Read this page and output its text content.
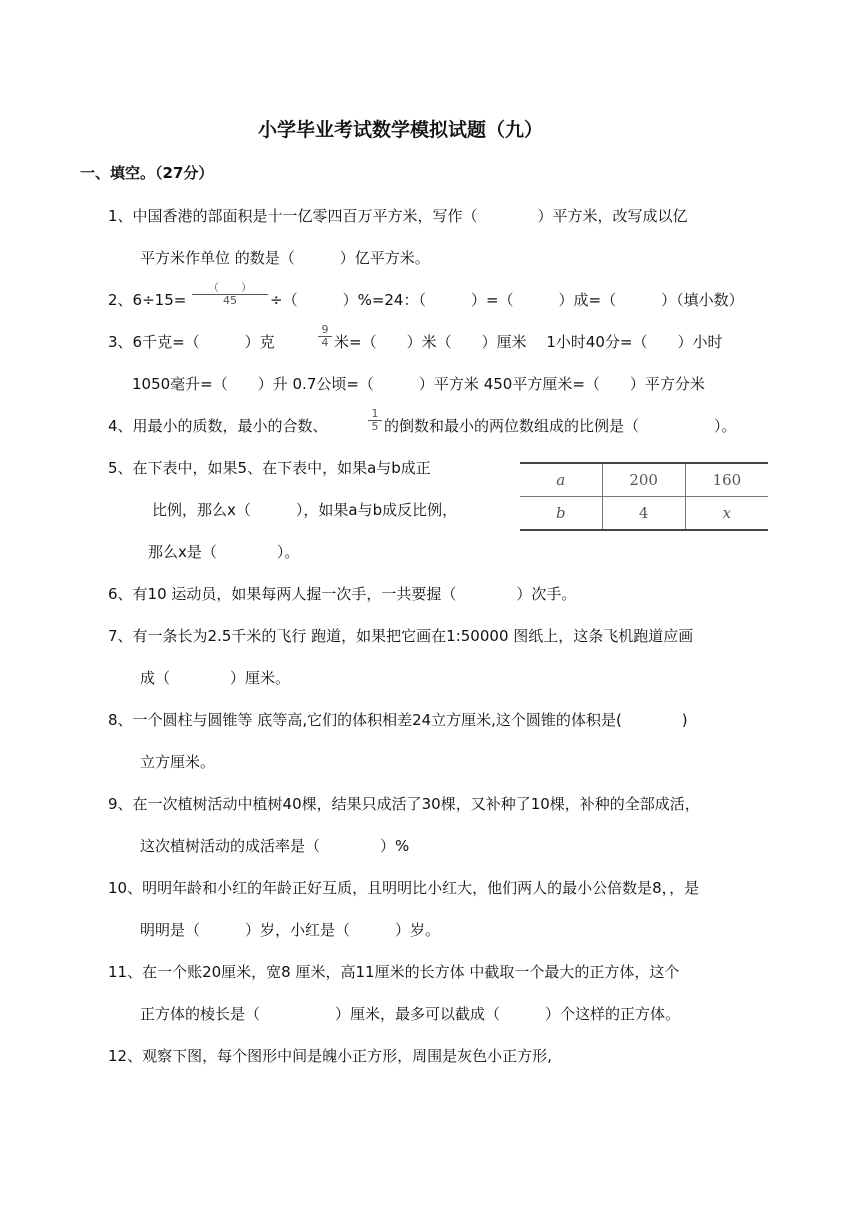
小学毕业考试数学模拟试题（九）
一、填空。（27分）
1、中国香港的部面积是十一亿零四百万平方米，写作（　　　　）平方米，改写成以亿
平方米作单位 的数是（　　　）亿平方米。
2、6÷15=
（　　）
45 ÷（　　　）%=24：（　　　）=（　　　）成=（　　　）（填小数）
3、6千克=（　　　）克
9
4 米=（　　）米（　　）厘米　 1小时40分=（　　）小时
1050毫升=（　　）升 0.7公顷=（　　　）平方米 450平方厘米=（　　）平方分米
4、用最小的质数，最小的合数、
1
5 的倒数和最小的两位数组成的比例是（　　　　　）。
5、在下表中，如果5、在下表中，如果a与b成正
比例，那么x（　　　），如果a与b成反比例，
那么x是（　　　　）。
a	200	160
b	4	x
6、有10 运动员，如果每两人握一次手，一共要握（　　　　）次手。
7、有一条长为2.5千米的飞行 跑道，如果把它画在1:50000 图纸上，这条飞机跑道应画
成（　　　　）厘米。
8、一个圆柱与圆锥等 底等高,它们的体积相差24立方厘米,这个圆锥的体积是(　　　　)
立方厘米。
9、在一次植树活动中植树40棵，结果只成活了30棵，又补种了10棵，补种的全部成活，
这次植树活动的成活率是（　　　　）%
10、明明年龄和小红的年龄正好互质，且明明比小红大，他们两人的最小公倍数是8，，是
明明是（　　　）岁，小红是（　　　）岁。
11、在一个账20厘米，宽8 厘米，高11厘米的长方体 中截取一个最大的正方体，这个
正方体的棱长是（　　　　　）厘米，最多可以截成（　　　）个这样的正方体。
12、观察下图，每个图形中间是魄小正方形，周围是灰色小正方形,
